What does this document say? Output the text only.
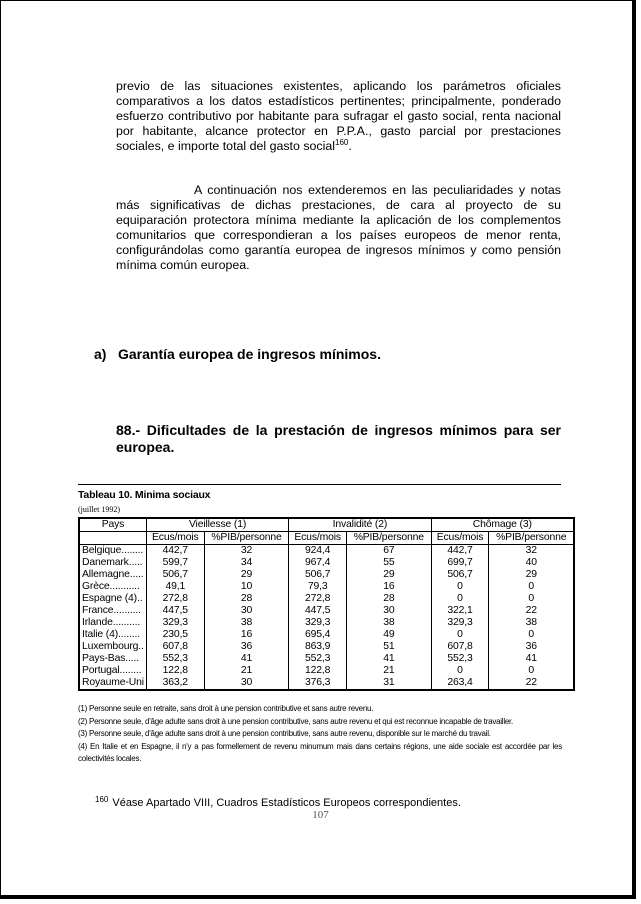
previo de las situaciones existentes, aplicando los parámetros oficiales comparativos a los datos estadísticos pertinentes; principalmente, ponderado esfuerzo contributivo por habitante para sufragar el gasto social, renta nacional por habitante, alcance protector en P.P.A., gasto parcial por prestaciones sociales, e importe total del gasto social$^{160}$.

A continuación nos extenderemos en las peculiaridades y notas más significativas de dichas prestaciones, de cara al proyecto de su equiparación protectora mínima mediante la aplicación de los complementos comunitarios que correspondieran a los países europeos de menor renta, configurándolas como garantía europea de ingresos mínimos y como pensión mínima común europea.

a) Garantía europea de ingresos mínimos.
88.- Dificultades de la prestación de ingresos mínimos para ser europea.
Tableau 10. Minima sociaux
(juillet 1992)
Pays	Vieillesse (1)		Invalidité (2)		Chômage (3)	
	Ecus/mois	%PIB/personne	Ecus/mois	%PIB/personne	Ecus/mois	%PIB/personne
Belgique........	442,7	32	924,4	67	442,7	32
Danemark.....	599,7	34	967,4	55	699,7	40
Allemagne.....	506,7	29	506,7	29	506,7	29
Grèce...........	49,1	10	79,3	16	0	0
Espagne (4)..	272,8	28	272,8	28	0	0
France..........	447,5	30	447,5	30	322,1	22
Irlande..........	329,3	38	329,3	38	329,3	38
Italie (4)........	230,5	16	695,4	49	0	0
Luxembourg..	607,8	36	863,9	51	607,8	36
Pays-Bas.....	552,3	41	552,3	41	552,3	41
Portugal........	122,8	21	122,8	21	0	0
Royaume-Uni	363,2	30	376,3	31	263,4	22
(1) Personne seule en retraite, sans droit à une pension contributive et sans autre revenu.
(2) Personne seule, d'âge adulte sans droit à une pension contributive, sans autre revenu et qui est reconnue incapable de travailler.
(3) Personne seule, d'âge adulte sans droit à une pension contributive, sans autre revenu, disponible sur le marché du travail.
(4) En Italie et en Espagne, il n'y a pas formellement de revenu minumum mais dans certains régions, une aide sociale est accordée par les colectivités locales.
$^{160}$ Véase Apartado VIII, Cuadros Estadísticos Europeos correspondientes.
107
